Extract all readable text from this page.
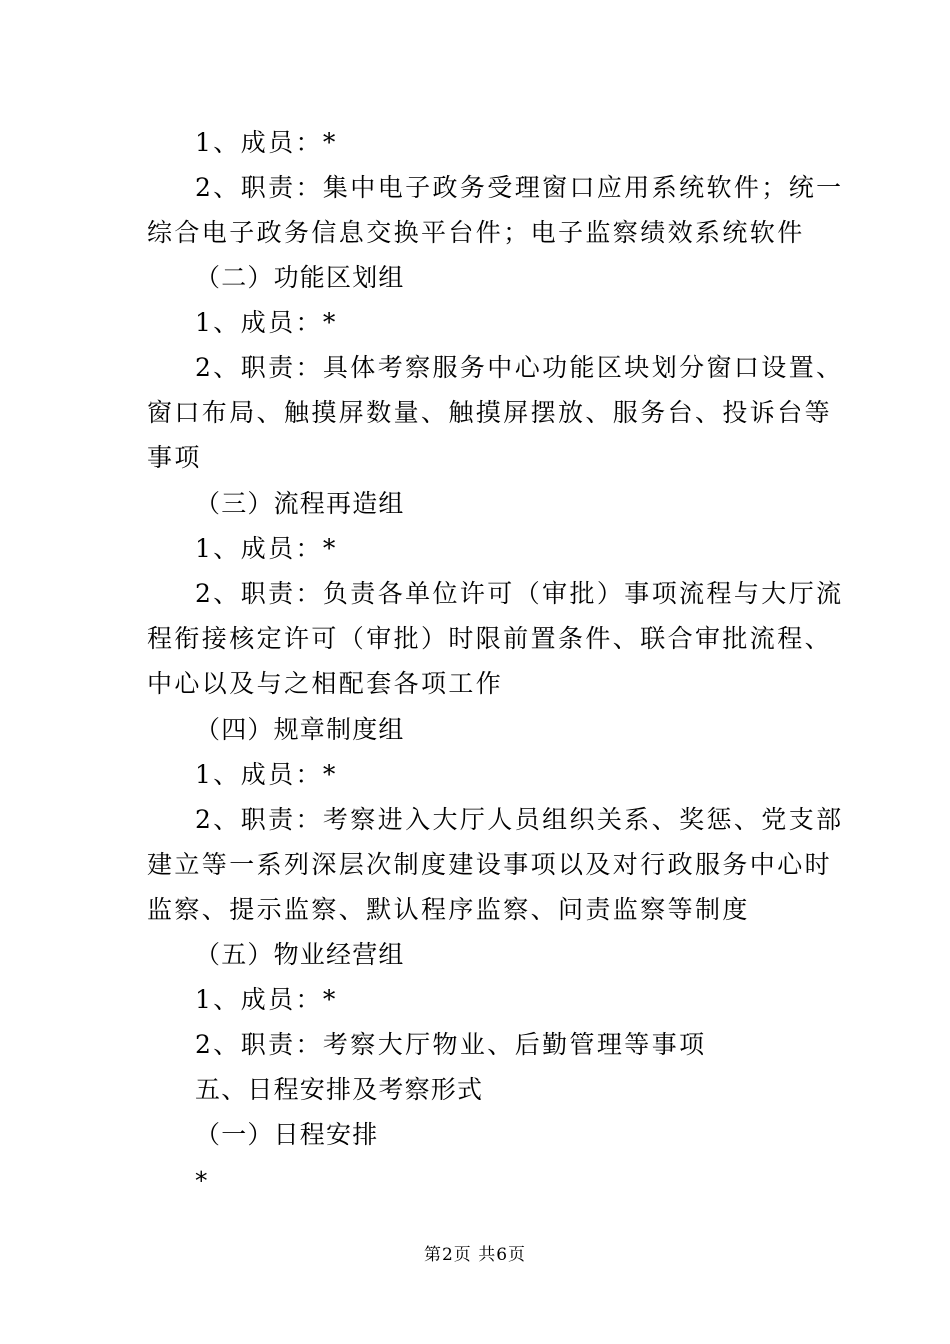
1、成员：*
2、职责：集中电子政务受理窗口应用系统软件；统一
综合电子政务信息交换平台件；电子监察绩效系统软件
（二）功能区划组
1、成员：*
2、职责：具体考察服务中心功能区块划分窗口设置、
窗口布局、触摸屏数量、触摸屏摆放、服务台、投诉台等
事项
（三）流程再造组
1、成员：*
2、职责：负责各单位许可（审批）事项流程与大厅流
程衔接核定许可（审批）时限前置条件、联合审批流程、
中心以及与之相配套各项工作
（四）规章制度组
1、成员：*
2、职责：考察进入大厅人员组织关系、奖惩、党支部
建立等一系列深层次制度建设事项以及对行政服务中心时
监察、提示监察、默认程序监察、问责监察等制度
（五）物业经营组
1、成员：*
2、职责：考察大厅物业、后勤管理等事项
五、日程安排及考察形式
（一）日程安排
*
第2页 共6页
